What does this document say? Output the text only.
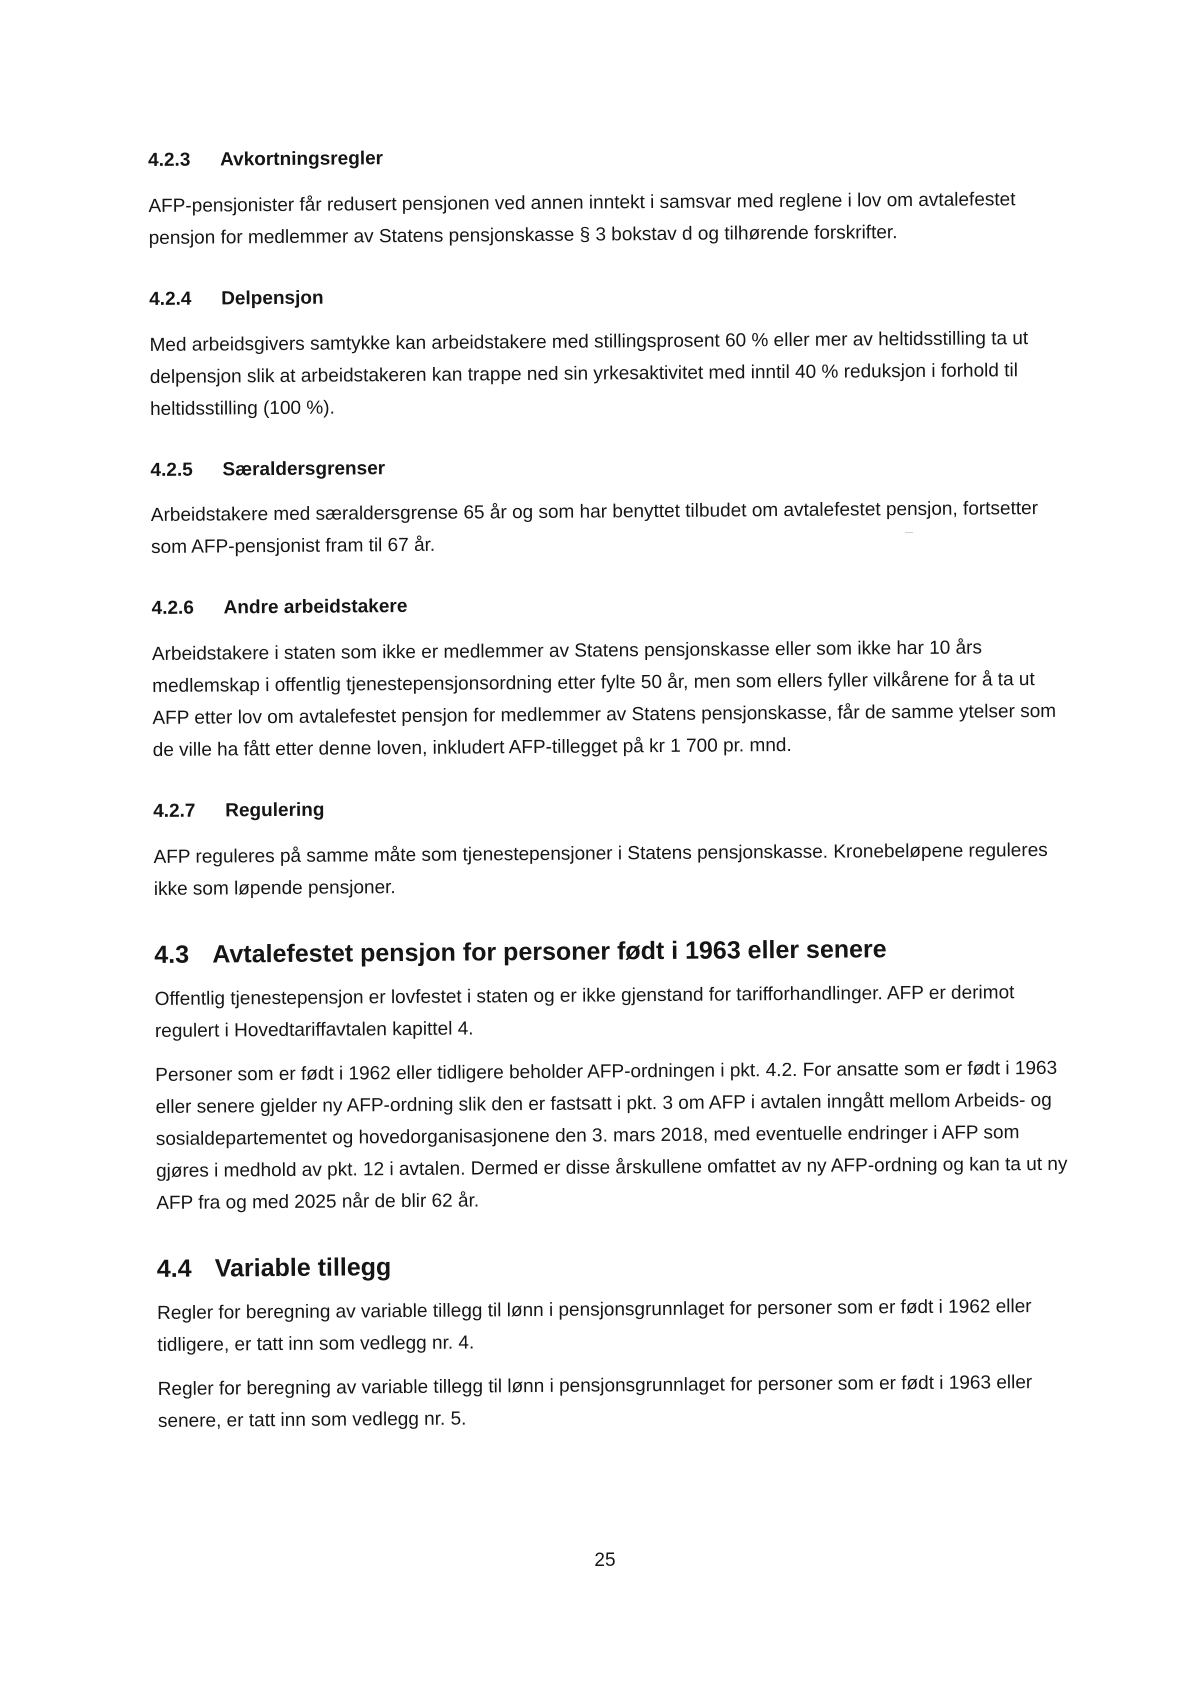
4.2.3 Avkortningsregler

AFP-pensjonister får redusert pensjonen ved annen inntekt i samsvar med reglene i lov om avtalefestet pensjon for medlemmer av Statens pensjonskasse § 3 bokstav d og tilhørende forskrifter.

4.2.4 Delpensjon

Med arbeidsgivers samtykke kan arbeidstakere med stillingsprosent 60 % eller mer av heltidsstilling ta ut delpensjon slik at arbeidstakeren kan trappe ned sin yrkesaktivitet med inntil 40 % reduksjon i forhold til heltidsstilling (100 %).

4.2.5 Særaldersgrenser

Arbeidstakere med særaldersgrense 65 år og som har benyttet tilbudet om avtalefestet pensjon, fortsetter som AFP-pensjonist fram til 67 år.

4.2.6 Andre arbeidstakere

Arbeidstakere i staten som ikke er medlemmer av Statens pensjonskasse eller som ikke har 10 års medlemskap i offentlig tjenestepensjonsordning etter fylte 50 år, men som ellers fyller vilkårene for å ta ut AFP etter lov om avtalefestet pensjon for medlemmer av Statens pensjonskasse, får de samme ytelser som de ville ha fått etter denne loven, inkludert AFP-tillegget på kr 1 700 pr. mnd.

4.2.7 Regulering

AFP reguleres på samme måte som tjenestepensjoner i Statens pensjonskasse. Kronebeløpene reguleres ikke som løpende pensjoner.

4.3 Avtalefestet pensjon for personer født i 1963 eller senere

Offentlig tjenestepensjon er lovfestet i staten og er ikke gjenstand for tarifforhandlinger. AFP er derimot regulert i Hovedtariffavtalen kapittel 4.

Personer som er født i 1962 eller tidligere beholder AFP-ordningen i pkt. 4.2. For ansatte som er født i 1963 eller senere gjelder ny AFP-ordning slik den er fastsatt i pkt. 3 om AFP i avtalen inngått mellom Arbeids- og sosialdepartementet og hovedorganisasjonene den 3. mars 2018, med eventuelle endringer i AFP som gjøres i medhold av pkt. 12 i avtalen. Dermed er disse årskullene omfattet av ny AFP-ordning og kan ta ut ny AFP fra og med 2025 når de blir 62 år.

4.4 Variable tillegg

Regler for beregning av variable tillegg til lønn i pensjonsgrunnlaget for personer som er født i 1962 eller tidligere, er tatt inn som vedlegg nr. 4.

Regler for beregning av variable tillegg til lønn i pensjonsgrunnlaget for personer som er født i 1963 eller senere, er tatt inn som vedlegg nr. 5.

25
